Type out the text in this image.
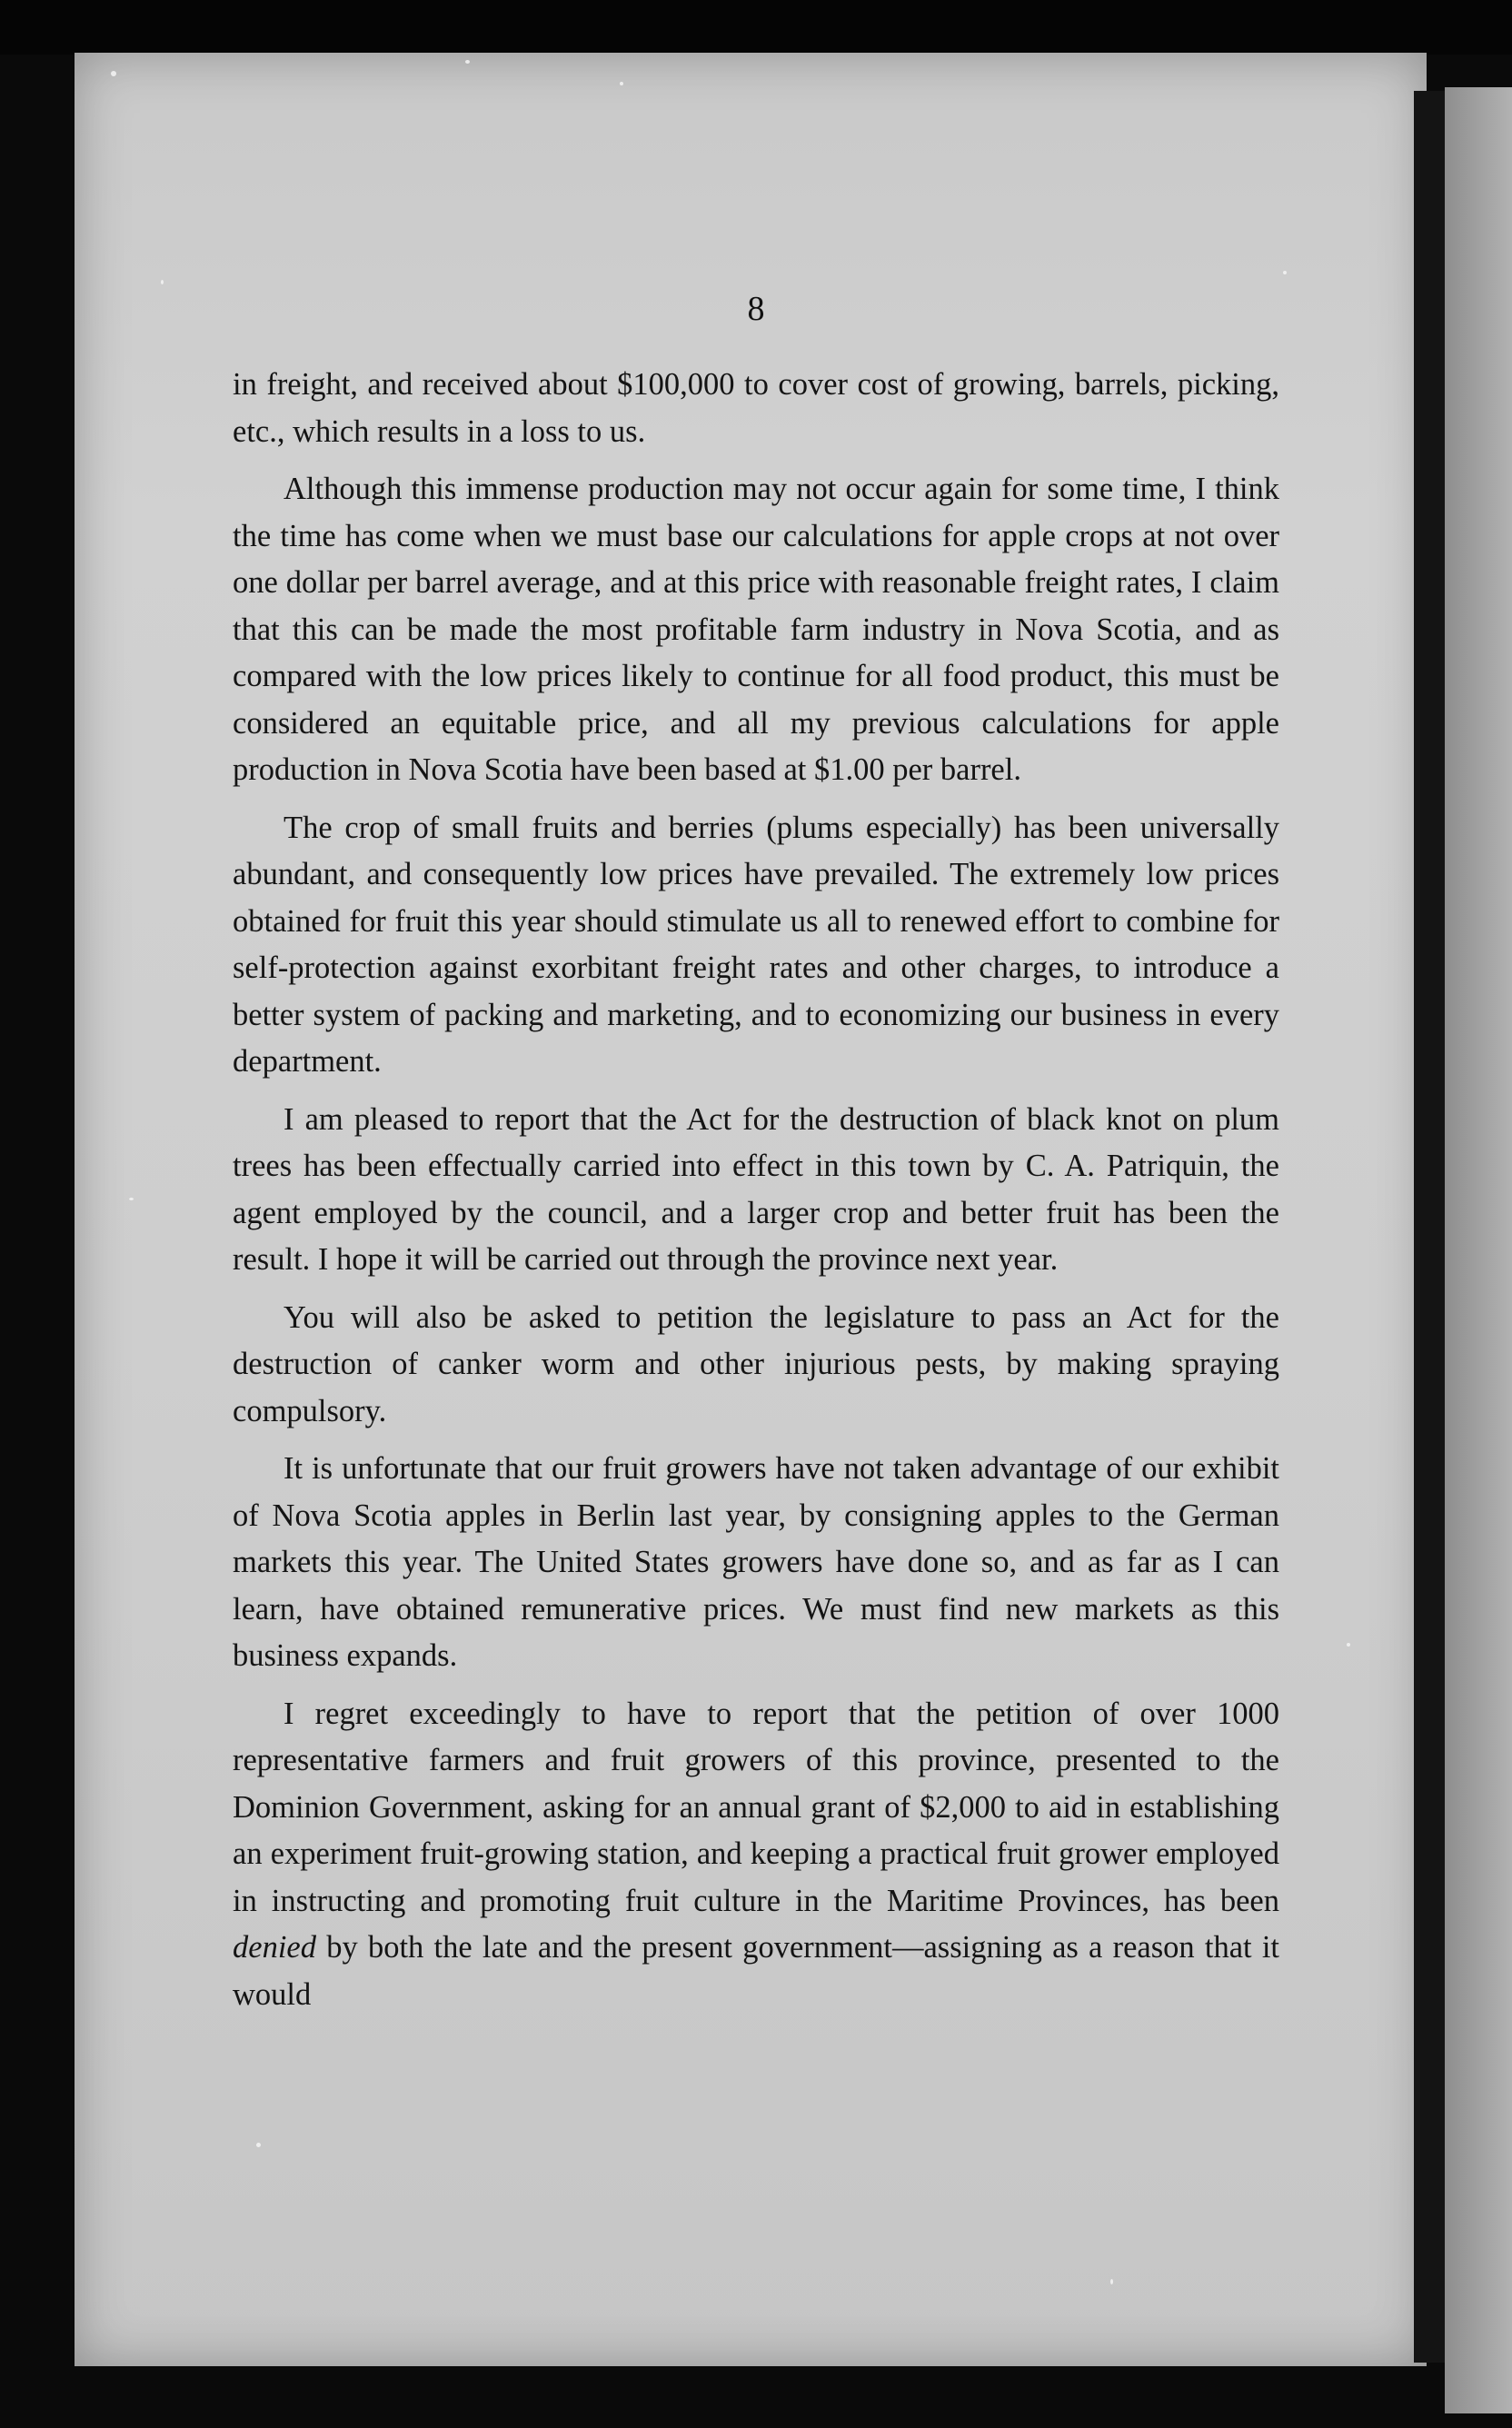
8

in freight, and received about $100,000 to cover cost of growing, barrels, picking, etc., which results in a loss to us.

Although this immense production may not occur again for some time, I think the time has come when we must base our calculations for apple crops at not over one dollar per barrel average, and at this price with reasonable freight rates, I claim that this can be made the most profitable farm industry in Nova Scotia, and as compared with the low prices likely to continue for all food product, this must be considered an equitable price, and all my previous calculations for apple production in Nova Scotia have been based at $1.00 per barrel.

The crop of small fruits and berries (plums especially) has been universally abundant, and consequently low prices have prevailed. The extremely low prices obtained for fruit this year should stimulate us all to renewed effort to combine for self-protection against exorbitant freight rates and other charges, to introduce a better system of packing and marketing, and to economizing our business in every department.

I am pleased to report that the Act for the destruction of black knot on plum trees has been effectually carried into effect in this town by C. A. Patriquin, the agent employed by the council, and a larger crop and better fruit has been the result. I hope it will be carried out through the province next year.

You will also be asked to petition the legislature to pass an Act for the destruction of canker worm and other injurious pests, by making spraying compulsory.

It is unfortunate that our fruit growers have not taken advantage of our exhibit of Nova Scotia apples in Berlin last year, by consigning apples to the German markets this year. The United States growers have done so, and as far as I can learn, have obtained remunerative prices. We must find new markets as this business expands.

I regret exceedingly to have to report that the petition of over 1000 representative farmers and fruit growers of this province, presented to the Dominion Government, asking for an annual grant of $2,000 to aid in establishing an experiment fruit-growing station, and keeping a practical fruit grower employed in instructing and promoting fruit culture in the Maritime Provinces, has been denied by both the late and the present government—assigning as a reason that it would
